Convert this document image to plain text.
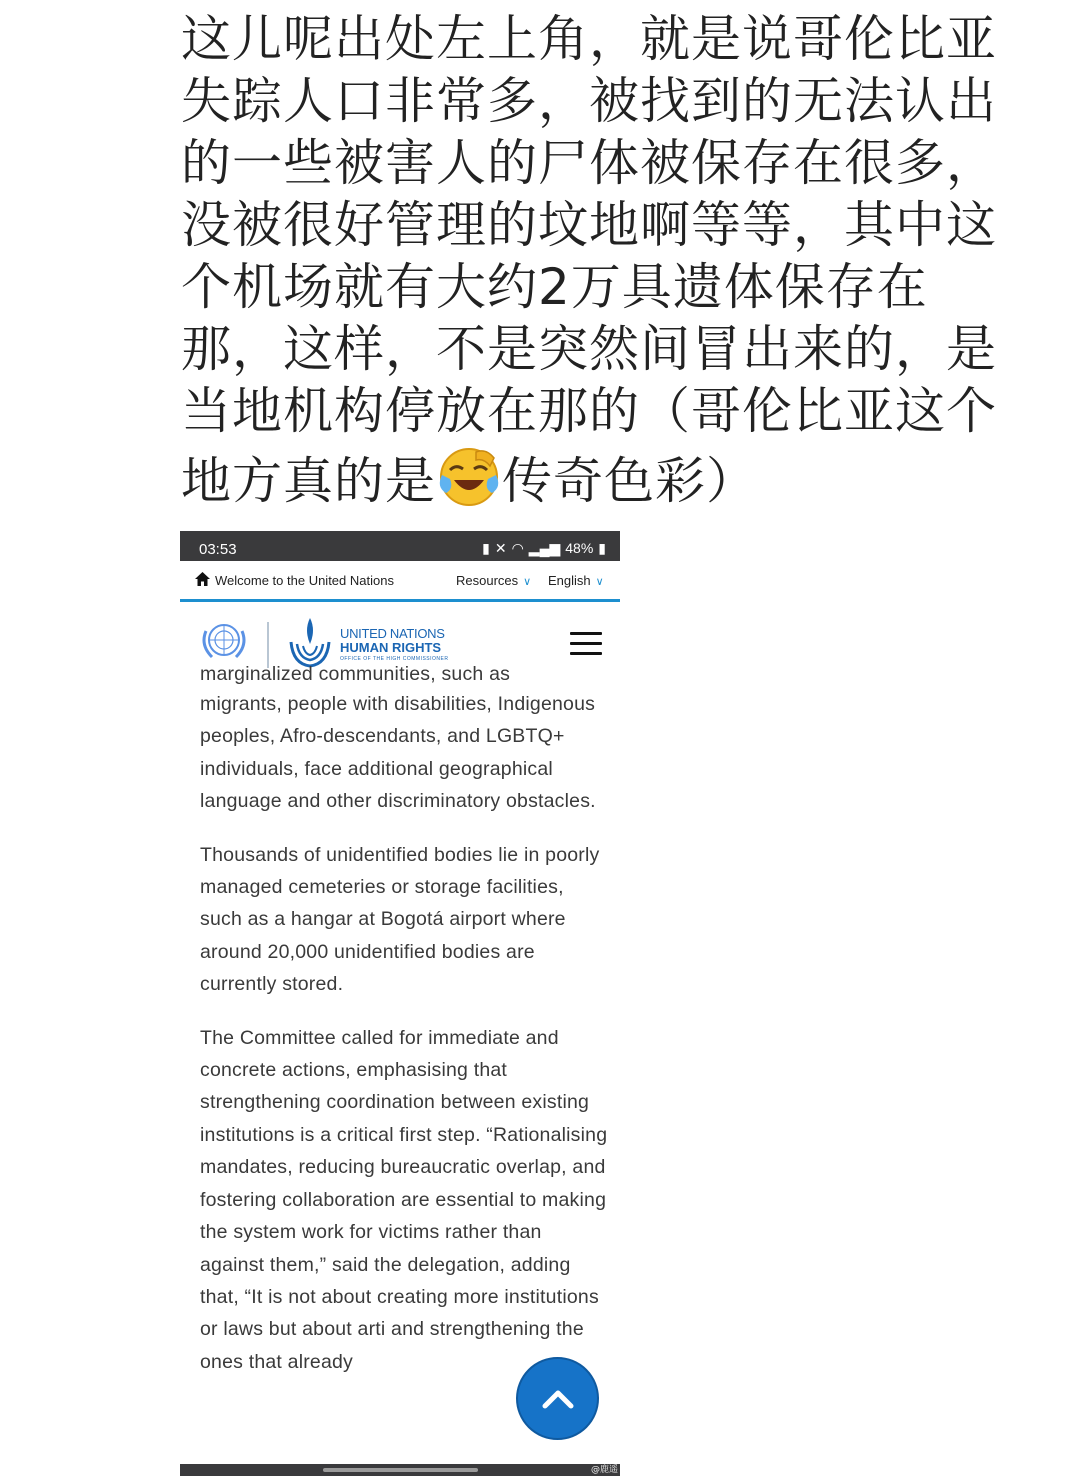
这儿呢出处左上角，就是说哥伦比亚失踪人口非常多，被找到的无法认出的一些被害人的尸体被保存在很多，没被很好管理的坟地啊等等，其中这个机场就有大约2万具遗体保存在那，这样，不是突然间冒出来的，是当地机构停放在那的（哥伦比亚这个地方真的是 传奇色彩）

03:53	▮ ✕ ◠ ▂▄▆ 48% ▮
Welcome to the United Nations	Resources ∨ English ∨
UNITED NATIONS
HUMAN RIGHTS
OFFICE OF THE HIGH COMMISSIONER

marginalized communities, such as

migrants, people with disabilities, Indigenous peoples, Afro-descendants, and LGBTQ+ individuals, face additional geographical language and other discriminatory obstacles.

Thousands of unidentified bodies lie in poorly managed cemeteries or storage facilities, such as a hangar at Bogotá airport where around 20,000 unidentified bodies are currently stored.

The Committee called for immediate and concrete actions, emphasising that strengthening coordination between existing institutions is a critical first step. “Rationalising mandates, reducing bureaucratic overlap, and fostering collaboration are essential to making the system work for victims rather than against them,” said the delegation, adding that, “It is not about creating more institutions or laws but about arti and strengthening the ones that already

@鹿遥
